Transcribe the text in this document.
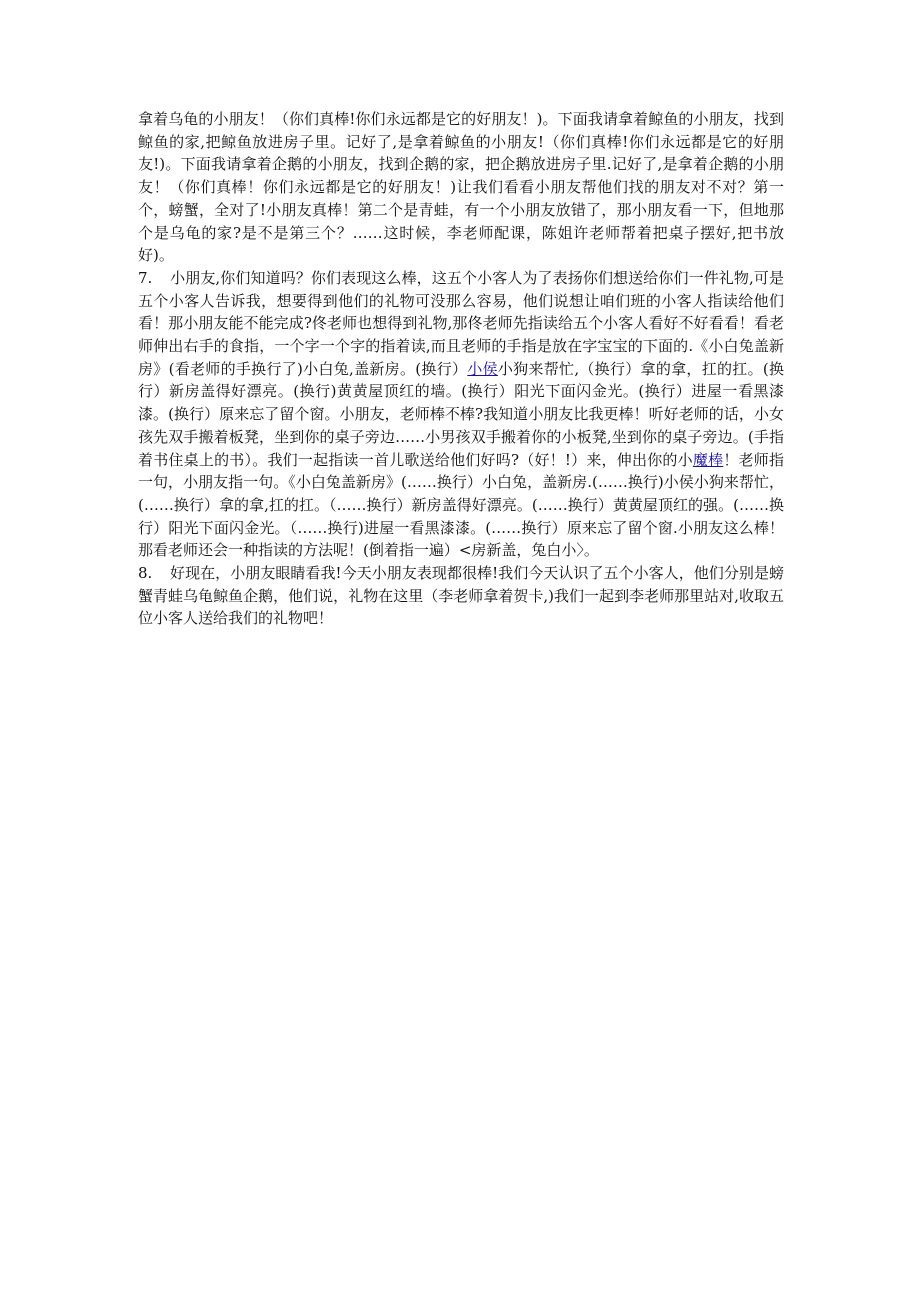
拿着乌龟的小朋友！（你们真棒!你们永远都是它的好朋友！)。下面我请拿着鲸鱼的小朋友，找到鲸鱼的家,把鲸鱼放进房子里。记好了,是拿着鲸鱼的小朋友!（你们真棒!你们永远都是它的好朋友!)。下面我请拿着企鹅的小朋友，找到企鹅的家，把企鹅放进房子里.记好了,是拿着企鹅的小朋友！（你们真棒！你们永远都是它的好朋友！)让我们看看小朋友帮他们找的朋友对不对？第一个，螃蟹，全对了!小朋友真棒！第二个是青蛙，有一个小朋友放错了，那小朋友看一下，但地那个是乌龟的家?是不是第三个？……这时候，李老师配课，陈姐许老师帮着把桌子摆好,把书放好)。

7. 小朋友,你们知道吗？你们表现这么棒，这五个小客人为了表扬你们想送给你们一件礼物,可是五个小客人告诉我，想要得到他们的礼物可没那么容易，他们说想让咱们班的小客人指读给他们看！那小朋友能不能完成?佟老师也想得到礼物,那佟老师先指读给五个小客人看好不好看看！看老师伸出右手的食指，一个字一个字的指着读,而且老师的手指是放在字宝宝的下面的.《小白兔盖新房》(看老师的手换行了)小白兔,盖新房。(换行）小侯小狗来帮忙,（换行）拿的拿，扛的扛。(换行）新房盖得好漂亮。(换行)黄黄屋顶红的墙。(换行）阳光下面闪金光。(换行）进屋一看黑漆漆。(换行）原来忘了留个窗。小朋友，老师棒不棒?我知道小朋友比我更棒！听好老师的话，小女孩先双手搬着板凳，坐到你的桌子旁边……小男孩双手搬着你的小板凳,坐到你的桌子旁边。(手指着书住桌上的书）。我们一起指读一首儿歌送给他们好吗?（好！!）来，伸出你的小魔棒！老师指一句，小朋友指一句。《小白兔盖新房》(……换行）小白兔，盖新房.(……换行)小侯小狗来帮忙，(……换行）拿的拿,扛的扛。（……换行）新房盖得好漂亮。(……换行）黄黄屋顶红的强。(……换行）阳光下面闪金光。（……换行)进屋一看黑漆漆。(……换行）原来忘了留个窗.小朋友这么棒！那看老师还会一种指读的方法呢！(倒着指一遍）<房新盖，兔白小〉。

8. 好现在，小朋友眼睛看我!今天小朋友表现都很棒!我们今天认识了五个小客人，他们分别是螃蟹青蛙乌龟鲸鱼企鹅，他们说，礼物在这里（李老师拿着贺卡,)我们一起到李老师那里站对,收取五位小客人送给我们的礼物吧！
